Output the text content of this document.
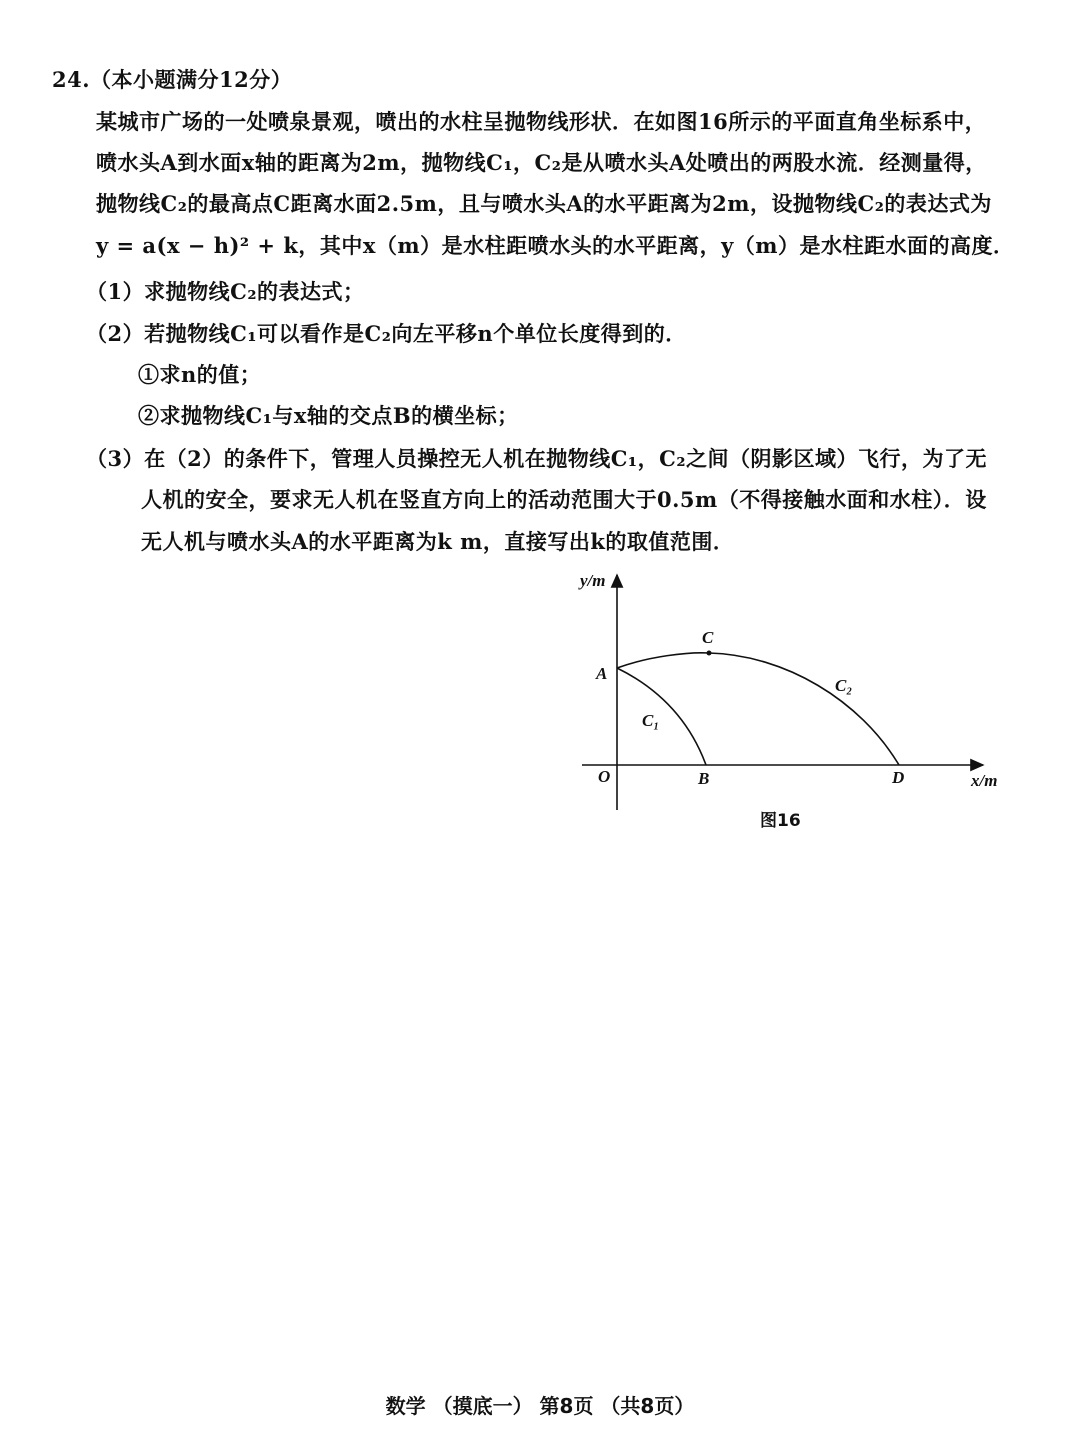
24.（本小题满分12分）
某城市广场的一处喷泉景观，喷出的水柱呈抛物线形状．在如图16所示的平面直角坐标系中，
喷水头A到水面x轴的距离为2m，抛物线C₁，C₂是从喷水头A处喷出的两股水流．经测量得，
抛物线C₂的最高点C距离水面2.5m，且与喷水头A的水平距离为2m，设抛物线C₂的表达式为
y = a(x − h)² + k，其中x（m）是水柱距喷水头的水平距离，y（m）是水柱距水面的高度．
（1）求抛物线C₂的表达式；
（2）若抛物线C₁可以看作是C₂向左平移n个单位长度得到的．
①求n的值；
②求抛物线C₁与x轴的交点B的横坐标；
（3）在（2）的条件下，管理人员操控无人机在抛物线C₁，C₂之间（阴影区域）飞行，为了无
人机的安全，要求无人机在竖直方向上的活动范围大于0.5m（不得接触水面和水柱）．设
无人机与喷水头A的水平距离为k m，直接写出k的取值范围．
y/m
x/m
O
A
C
B	D
C₁
C₂
图16
数学 （摸底一） 第8页 （共8页）
